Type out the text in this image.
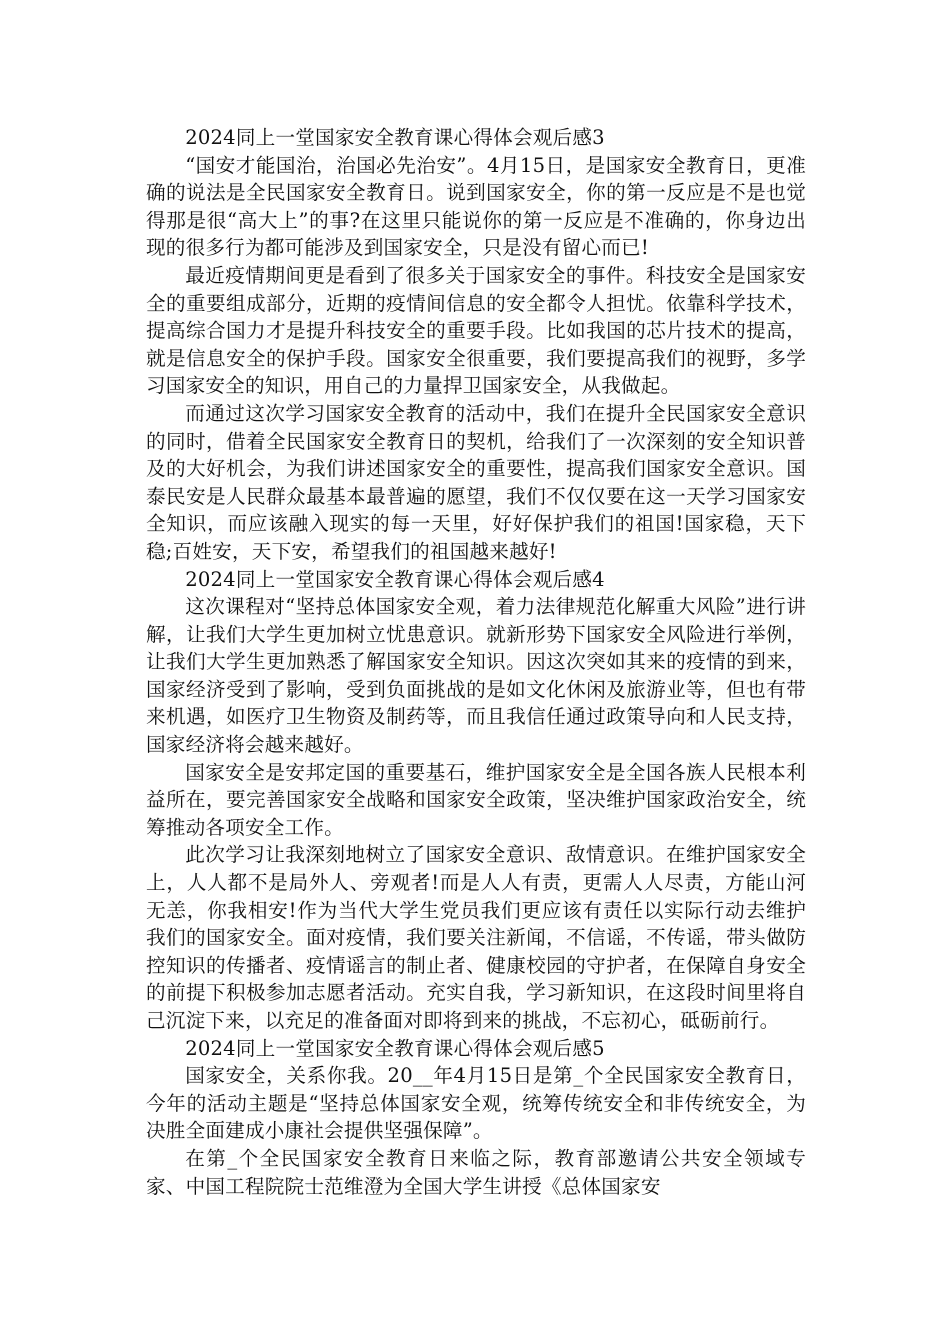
2024同上一堂国家安全教育课心得体会观后感3

“国安才能国治，治国必先治安”。4月15日，是国家安全教育日，更准确的说法是全民国家安全教育日。说到国家安全，你的第一反应是不是也觉得那是很“高大上”的事?在这里只能说你的第一反应是不准确的，你身边出现的很多行为都可能涉及到国家安全，只是没有留心而已!

最近疫情期间更是看到了很多关于国家安全的事件。科技安全是国家安全的重要组成部分，近期的疫情间信息的安全都令人担忧。依靠科学技术，提高综合国力才是提升科技安全的重要手段。比如我国的芯片技术的提高，就是信息安全的保护手段。国家安全很重要，我们要提高我们的视野，多学习国家安全的知识，用自己的力量捍卫国家安全，从我做起。

而通过这次学习国家安全教育的活动中，我们在提升全民国家安全意识的同时，借着全民国家安全教育日的契机，给我们了一次深刻的安全知识普及的大好机会，为我们讲述国家安全的重要性，提高我们国家安全意识。国泰民安是人民群众最基本最普遍的愿望，我们不仅仅要在这一天学习国家安全知识，而应该融入现实的每一天里，好好保护我们的祖国!国家稳，天下稳;百姓安，天下安，希望我们的祖国越来越好!

2024同上一堂国家安全教育课心得体会观后感4

这次课程对“坚持总体国家安全观，着力法律规范化解重大风险”进行讲解，让我们大学生更加树立忧患意识。就新形势下国家安全风险进行举例，让我们大学生更加熟悉了解国家安全知识。因这次突如其来的疫情的到来，国家经济受到了影响，受到负面挑战的是如文化休闲及旅游业等，但也有带来机遇，如医疗卫生物资及制药等，而且我信任通过政策导向和人民支持，国家经济将会越来越好。

国家安全是安邦定国的重要基石，维护国家安全是全国各族人民根本利益所在，要完善国家安全战略和国家安全政策，坚决维护国家政治安全，统筹推动各项安全工作。

此次学习让我深刻地树立了国家安全意识、敌情意识。在维护国家安全上，人人都不是局外人、旁观者!而是人人有责，更需人人尽责，方能山河无恙，你我相安!作为当代大学生党员我们更应该有责任以实际行动去维护我们的国家安全。面对疫情，我们要关注新闻，不信谣，不传谣，带头做防控知识的传播者、疫情谣言的制止者、健康校园的守护者，在保障自身安全的前提下积极参加志愿者活动。充实自我，学习新知识，在这段时间里将自己沉淀下来，以充足的准备面对即将到来的挑战，不忘初心，砥砺前行。

2024同上一堂国家安全教育课心得体会观后感5

国家安全，关系你我。20__年4月15日是第_个全民国家安全教育日，今年的活动主题是“坚持总体国家安全观，统筹传统安全和非传统安全，为决胜全面建成小康社会提供坚强保障”。

在第_个全民国家安全教育日来临之际，教育部邀请公共安全领域专家、中国工程院院士范维澄为全国大学生讲授《总体国家安
